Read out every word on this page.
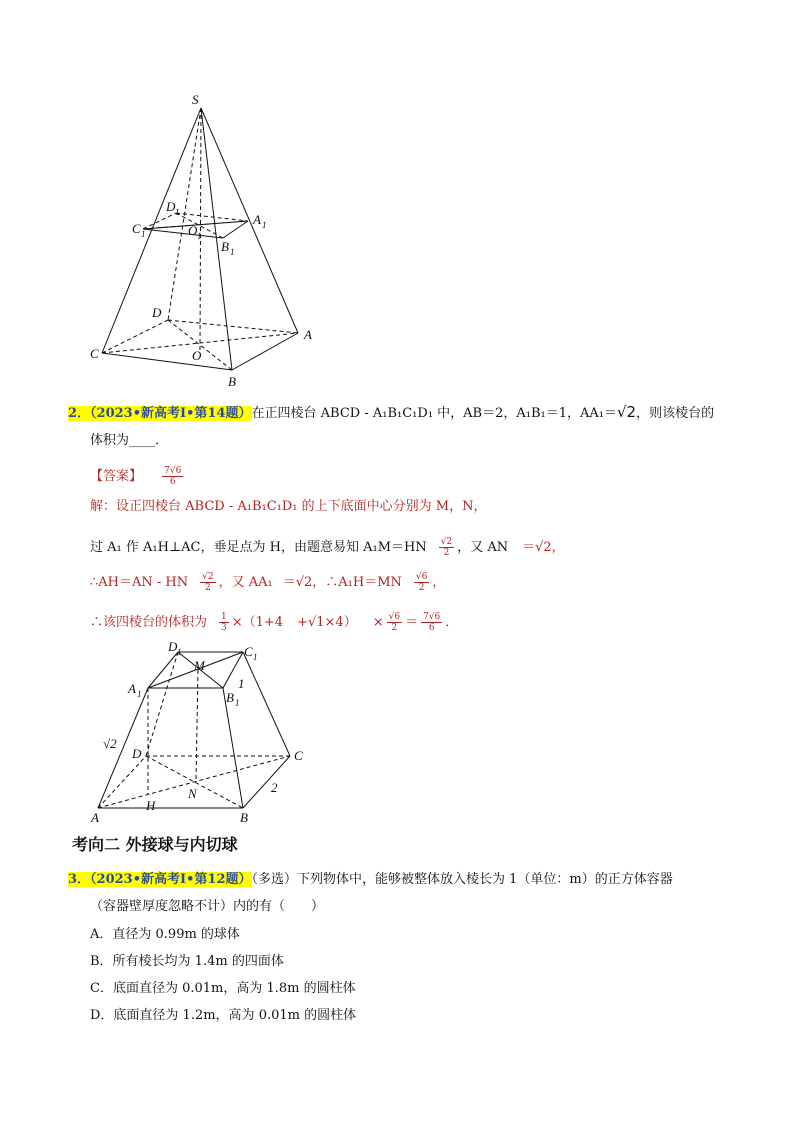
S
D 1	A 1
C 1	O 1
B 1
D
A
C	O
B
2．（2023•新高考Ⅰ•第14题）在正四棱台 ABCD - A₁B₁C₁D₁ 中，AB＝2，A₁B₁＝1，AA₁＝√2，则该棱台的
体积为____．
【答案】 $\frac{7√6}{6}$
解：设正四棱台 ABCD - A₁B₁C₁D₁ 的上下底面中心分别为 M，N，
过 A₁ 作 A₁H⊥AC，垂足点为 H，由题意易知 $A_1M=HN \frac{√2}{2}$ ，又 AN ＝√2，
∴AH＝AN - HN $\frac{√2}{2}$ ，又 AA₁ ＝√2，∴A₁H＝MN $\frac{√6}{2}$ ，
∴该四棱台的体积为 $\frac{1}{3} \times(1+4 +√1\times 4) \times \frac{√6}{2} = \frac{7√6}{6}$ ．
D 1
M
C 1
1
A 1	B 1
√2
D	C
N	2
A
H
B
考向二 外接球与内切球
3．（2023•新高考Ⅰ•第12题）（多选）下列物体中，能够被整体放入棱长为 1（单位：m）的正方体容器
（容器壁厚度忽略不计）内的有（　　）
A．直径为 0.99m 的球体
B．所有棱长均为 1.4m 的四面体
C．底面直径为 0.01m，高为 1.8m 的圆柱体
D．底面直径为 1.2m，高为 0.01m 的圆柱体
